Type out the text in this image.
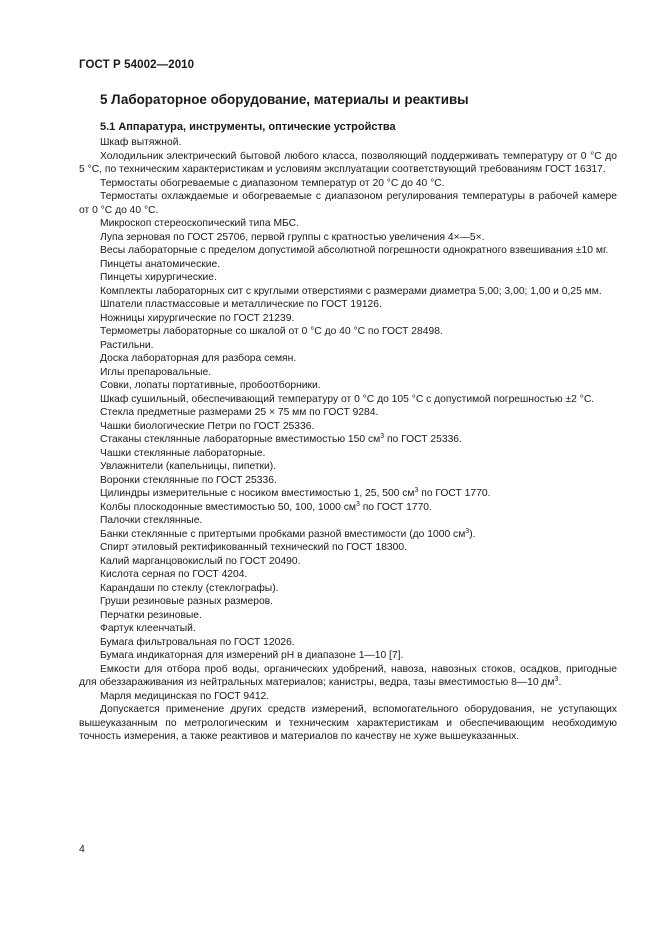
ГОСТ Р 54002—2010
5 Лабораторное оборудование, материалы и реактивы
5.1 Аппаратура, инструменты, оптические устройства

Шкаф вытяжной.

Холодильник электрический бытовой любого класса, позволяющий поддерживать температуру от 0 °С до 5 °С, по техническим характеристикам и условиям эксплуатации соответствующий требованиям ГОСТ 16317.

Термостаты обогреваемые с диапазоном температур от 20 °С до 40 °С.

Термостаты охлаждаемые и обогреваемые с диапазоном регулирования температуры в рабочей камере от 0 °С до 40 °С.

Микроскоп стереоскопический типа МБС.

Лупа зерновая по ГОСТ 25706, первой группы с кратностью увеличения 4×—5×.

Весы лабораторные с пределом допустимой абсолютной погрешности однократного взвешивания ±10 мг.

Пинцеты анатомические.

Пинцеты хирургические.

Комплекты лабораторных сит с круглыми отверстиями с размерами диаметра 5,00; 3,00; 1,00 и 0,25 мм.

Шпатели пластмассовые и металлические по ГОСТ 19126.

Ножницы хирургические по ГОСТ 21239.

Термометры лабораторные со шкалой от 0 °С до 40 °С по ГОСТ 28498.

Растильни.

Доска лабораторная для разбора семян.

Иглы препаровальные.

Совки, лопаты портативные, пробоотборники.

Шкаф сушильный, обеспечивающий температуру от 0 °С до 105 °С с допустимой погрешностью ±2 °С.

Стекла предметные размерами 25 × 75 мм по ГОСТ 9284.

Чашки биологические Петри по ГОСТ 25336.

Стаканы стеклянные лабораторные вместимостью 150 $см^3$ по ГОСТ 25336.

Чашки стеклянные лабораторные.

Увлажнители (капельницы, пипетки).

Воронки стеклянные по ГОСТ 25336.

Цилиндры измерительные с носиком вместимостью 1, 25, 500 $см^3$ по ГОСТ 1770.

Колбы плоскодонные вместимостью 50, 100, 1000 $см^3$ по ГОСТ 1770.

Палочки стеклянные.

Банки стеклянные с притертыми пробками разной вместимости (до 1000 $см^3$).

Спирт этиловый ректификованный технический по ГОСТ 18300.

Калий марганцовокислый по ГОСТ 20490.

Кислота серная по ГОСТ 4204.

Карандаши по стеклу (стеклографы).

Груши резиновые разных размеров.

Перчатки резиновые.

Фартук клеенчатый.

Бумага фильтровальная по ГОСТ 12026.

Бумага индикаторная для измерений рН в диапазоне 1—10 [7].

Емкости для отбора проб воды, органических удобрений, навоза, навозных стоков, осадков, пригодные для обеззараживания из нейтральных материалов; канистры, ведра, тазы вместимостью 8—10 $дм^3$.

Марля медицинская по ГОСТ 9412.

Допускается применение других средств измерений, вспомогательного оборудования, не уступающих вышеуказанным по метрологическим и техническим характеристикам и обеспечивающим необходимую точность измерения, а также реактивов и материалов по качеству не хуже вышеуказанных.

4
